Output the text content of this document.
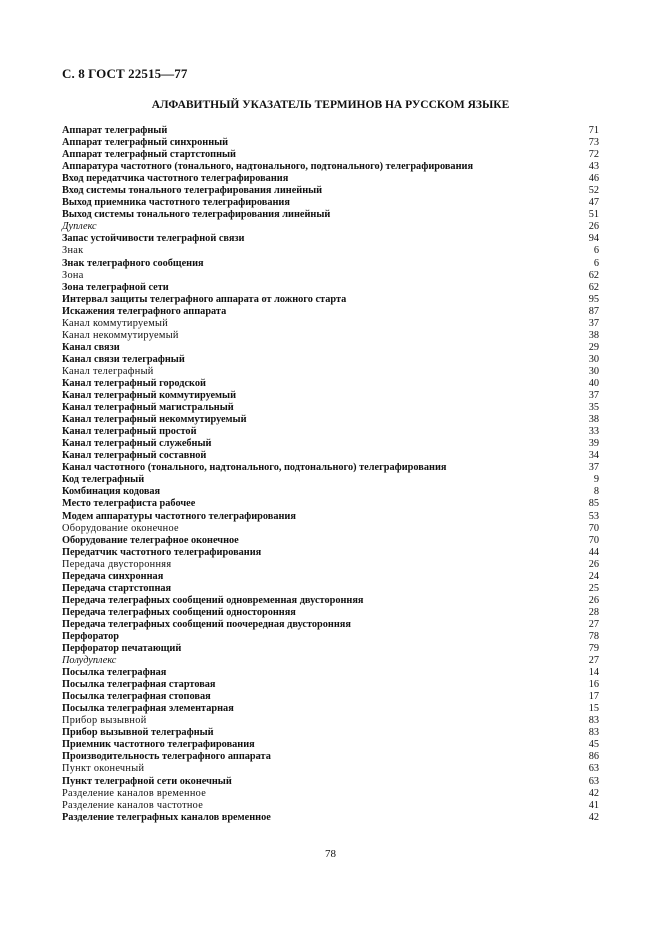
С. 8 ГОСТ 22515—77
АЛФАВИТНЫЙ УКАЗАТЕЛЬ ТЕРМИНОВ НА РУССКОМ ЯЗЫКЕ
Аппарат телеграфный	71
Аппарат телеграфный синхронный	73
Аппарат телеграфный стартстопный	72
Аппаратура частотного (тонального, надтонального, подтонального) телеграфирования	43
Вход передатчика частотного телеграфирования	46
Вход системы тонального телеграфирования линейный	52
Выход приемника частотного телеграфирования	47
Выход системы тонального телеграфирования линейный	51
Дуплекс	26
Запас устойчивости телеграфной связи	94
Знак	6
Знак телеграфного сообщения	6
Зона	62
Зона телеграфной сети	62
Интервал защиты телеграфного аппарата от ложного старта	95
Искажения телеграфного аппарата	87
Канал коммутируемый	37
Канал некоммутируемый	38
Канал связи	29
Канал связи телеграфный	30
Канал телеграфный	30
Канал телеграфный городской	40
Канал телеграфный коммутируемый	37
Канал телеграфный магистральный	35
Канал телеграфный некоммутируемый	38
Канал телеграфный простой	33
Канал телеграфный служебный	39
Канал телеграфный составной	34
Канал частотного (тонального, надтонального, подтонального) телеграфирования	37
Код телеграфный	9
Комбинация кодовая	8
Место телеграфиста рабочее	85
Модем аппаратуры частотного телеграфирования	53
Оборудование оконечное	70
Оборудование телеграфное оконечное	70
Передатчик частотного телеграфирования	44
Передача двусторонняя	26
Передача синхронная	24
Передача стартстопная	25
Передача телеграфных сообщений одновременная двусторонняя	26
Передача телеграфных сообщений односторонняя	28
Передача телеграфных сообщений поочередная двусторонняя	27
Перфоратор	78
Перфоратор печатающий	79
Полудуплекс	27
Посылка телеграфная	14
Посылка телеграфная стартовая	16
Посылка телеграфная стоповая	17
Посылка телеграфная элементарная	15
Прибор вызывной	83
Прибор вызывной телеграфный	83
Приемник частотного телеграфирования	45
Производительность телеграфного аппарата	86
Пункт оконечный	63
Пункт телеграфной сети оконечный	63
Разделение каналов временное	42
Разделение каналов частотное	41
Разделение телеграфных каналов временное	42
78
